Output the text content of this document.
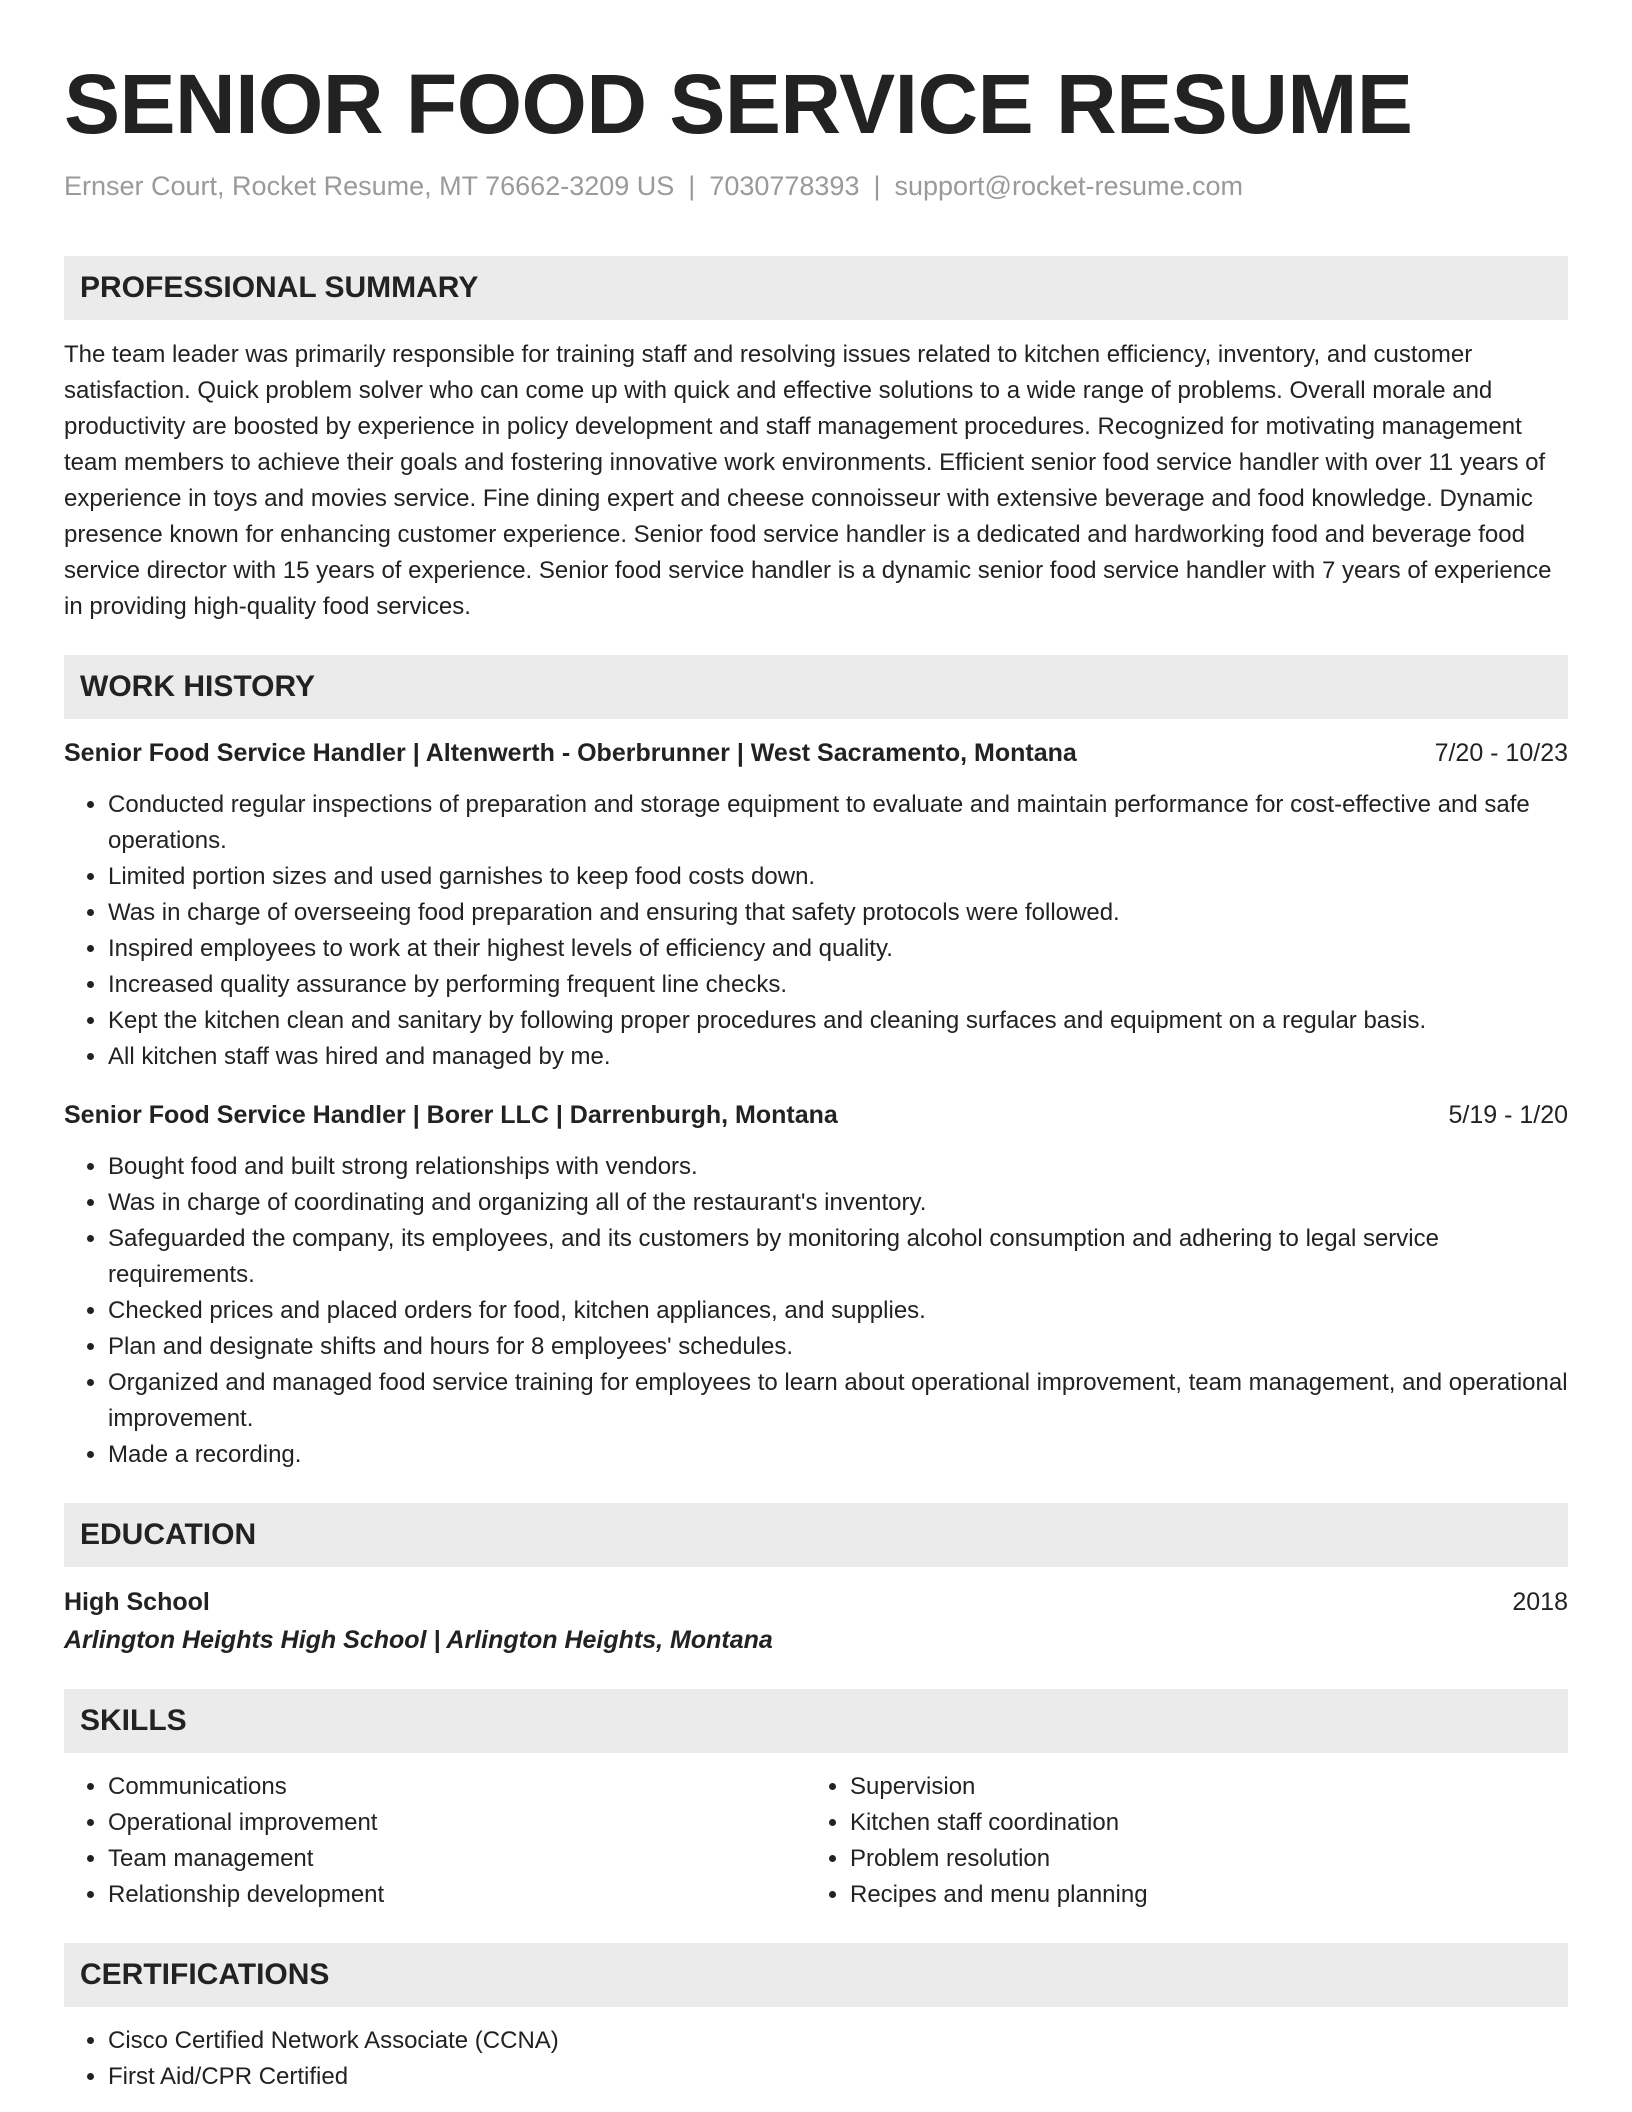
SENIOR FOOD SERVICE RESUME
Ernser Court, Rocket Resume, MT 76662-3209 US | 7030778393 | support@rocket-resume.com
PROFESSIONAL SUMMARY

The team leader was primarily responsible for training staff and resolving issues related to kitchen efficiency, inventory, and customer satisfaction. Quick problem solver who can come up with quick and effective solutions to a wide range of problems. Overall morale and productivity are boosted by experience in policy development and staff management procedures. Recognized for motivating management team members to achieve their goals and fostering innovative work environments. Efficient senior food service handler with over 11 years of experience in toys and movies service. Fine dining expert and cheese connoisseur with extensive beverage and food knowledge. Dynamic presence known for enhancing customer experience. Senior food service handler is a dedicated and hardworking food and beverage food service director with 15 years of experience. Senior food service handler is a dynamic senior food service handler with 7 years of experience in providing high-quality food services.

WORK HISTORY
Senior Food Service Handler | Altenwerth - Oberbrunner | West Sacramento, Montana	7/20 - 10/23
• Conducted regular inspections of preparation and storage equipment to evaluate and maintain performance for cost-effective and safe operations.
• Limited portion sizes and used garnishes to keep food costs down.
• Was in charge of overseeing food preparation and ensuring that safety protocols were followed.
• Inspired employees to work at their highest levels of efficiency and quality.
• Increased quality assurance by performing frequent line checks.
• Kept the kitchen clean and sanitary by following proper procedures and cleaning surfaces and equipment on a regular basis.
• All kitchen staff was hired and managed by me.
Senior Food Service Handler | Borer LLC | Darrenburgh, Montana	5/19 - 1/20
• Bought food and built strong relationships with vendors.
• Was in charge of coordinating and organizing all of the restaurant's inventory.
• Safeguarded the company, its employees, and its customers by monitoring alcohol consumption and adhering to legal service requirements.
• Checked prices and placed orders for food, kitchen appliances, and supplies.
• Plan and designate shifts and hours for 8 employees' schedules.
• Organized and managed food service training for employees to learn about operational improvement, team management, and operational improvement.
• Made a recording.
EDUCATION
High School	2018
Arlington Heights High School | Arlington Heights, Montana
SKILLS
• Communications
• Operational improvement
• Team management
• Relationship development
• Supervision
• Kitchen staff coordination
• Problem resolution
• Recipes and menu planning
CERTIFICATIONS
• Cisco Certified Network Associate (CCNA)
• First Aid/CPR Certified
